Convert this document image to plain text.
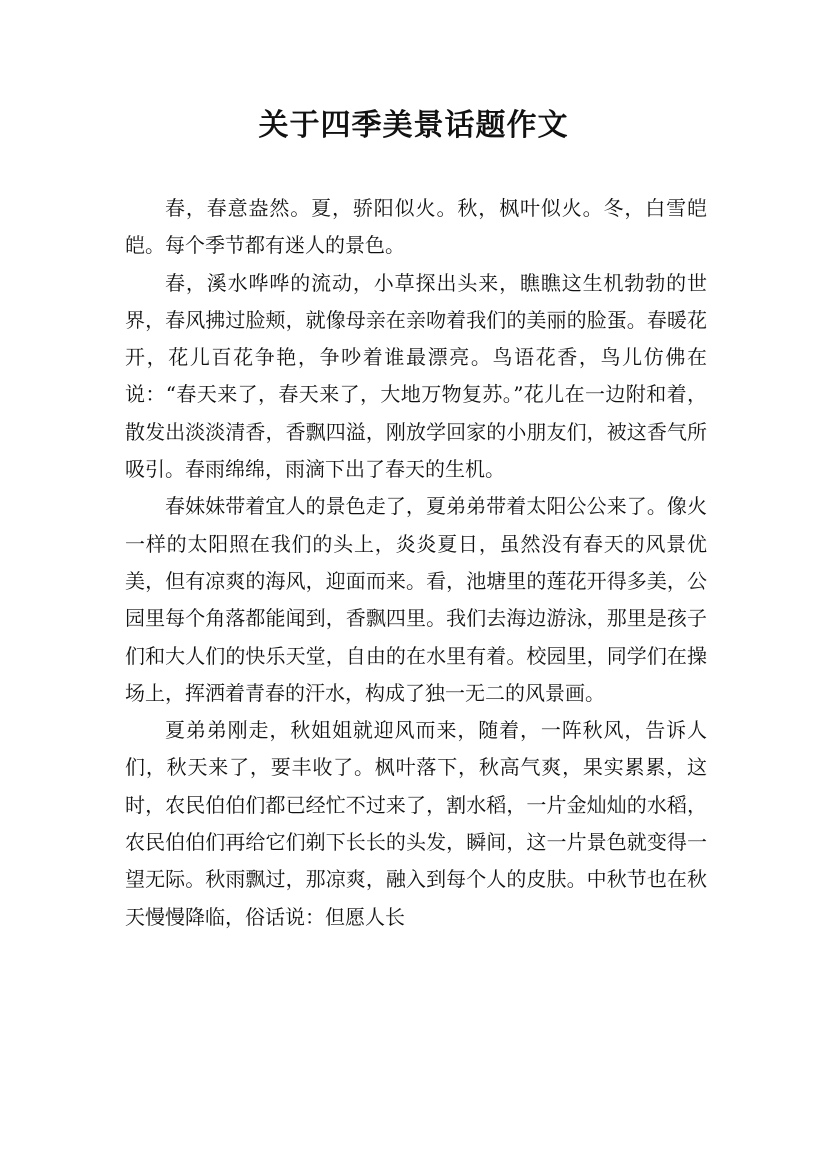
关于四季美景话题作文

春，春意盎然。夏，骄阳似火。秋，枫叶似火。冬，白雪皑皑。每个季节都有迷人的景色。

春，溪水哗哗的流动，小草探出头来，瞧瞧这生机勃勃的世界，春风拂过脸颊，就像母亲在亲吻着我们的美丽的脸蛋。春暖花开，花儿百花争艳，争吵着谁最漂亮。鸟语花香，鸟儿仿佛在说：“春天来了，春天来了，大地万物复苏。”花儿在一边附和着，散发出淡淡清香，香飘四溢，刚放学回家的小朋友们，被这香气所吸引。春雨绵绵，雨滴下出了春天的生机。

春妹妹带着宜人的景色走了，夏弟弟带着太阳公公来了。像火一样的太阳照在我们的头上，炎炎夏日，虽然没有春天的风景优美，但有凉爽的海风，迎面而来。看，池塘里的莲花开得多美，公园里每个角落都能闻到，香飘四里。我们去海边游泳，那里是孩子们和大人们的快乐天堂，自由的在水里有着。校园里，同学们在操场上，挥洒着青春的汗水，构成了独一无二的风景画。

夏弟弟刚走，秋姐姐就迎风而来，随着，一阵秋风，告诉人们，秋天来了，要丰收了。枫叶落下，秋高气爽，果实累累，这时，农民伯伯们都已经忙不过来了，割水稻，一片金灿灿的水稻，农民伯伯们再给它们剃下长长的头发，瞬间，这一片景色就变得一望无际。秋雨飘过，那凉爽，融入到每个人的皮肤。中秋节也在秋天慢慢降临，俗话说：但愿人长
